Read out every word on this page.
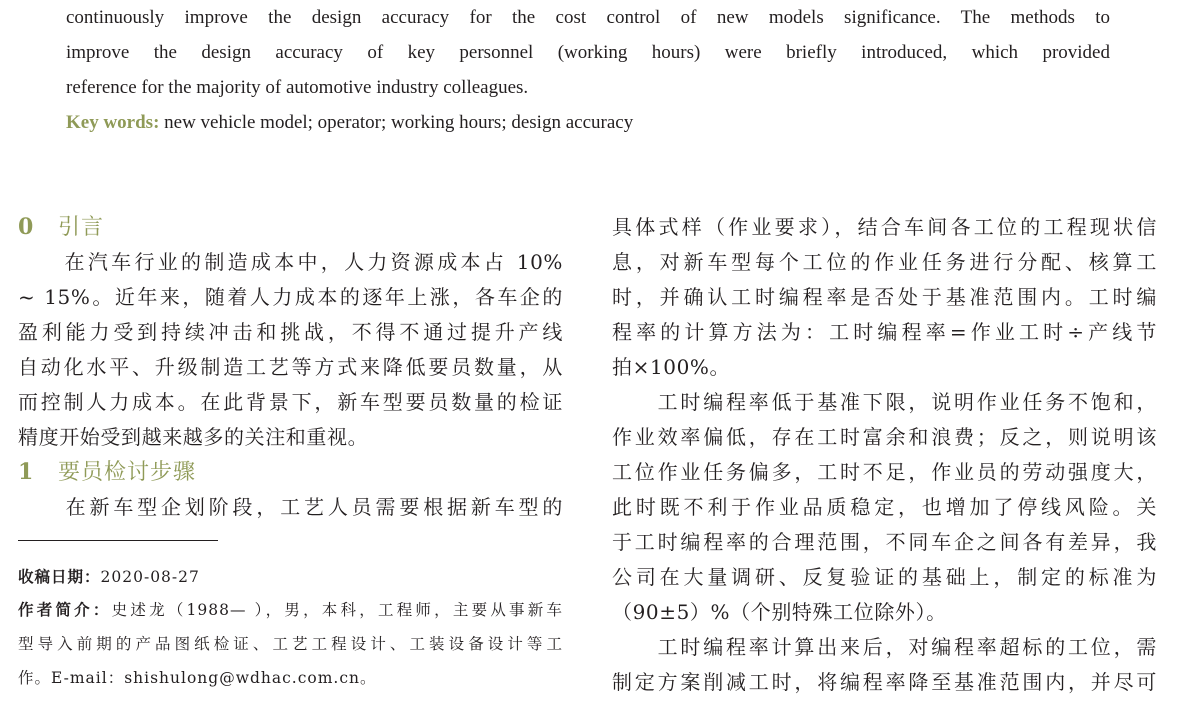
continuously improve the design accuracy for the cost control of new models significance. The methods to
improve the design accuracy of key personnel (working hours) were briefly introduced, which provided
reference for the majority of automotive industry colleagues.
Key words: new vehicle model; operator; working hours; design accuracy
0 引言
　　在汽车行业的制造成本中，人力资源成本占 10%
~ 15%。近年来，随着人力成本的逐年上涨，各车企的
盈利能力受到持续冲击和挑战，不得不通过提升产线
自动化水平、升级制造工艺等方式来降低要员数量，从
而控制人力成本。在此背景下，新车型要员数量的检证
精度开始受到越来越多的关注和重视。
1 要员检讨步骤
　　在新车型企划阶段，工艺人员需要根据新车型的
收稿日期：2020-08-27
作者简介：史述龙（1988— ），男，本科，工程师，主要从事新车
型导入前期的产品图纸检证、工艺工程设计、工装设备设计等工
作。E-mail：shishulong@wdhac.com.cn。
具体式样（作业要求），结合车间各工位的工程现状信
息，对新车型每个工位的作业任务进行分配、核算工
时，并确认工时编程率是否处于基准范围内。工时编
程率的计算方法为：工时编程率=作业工时÷产线节
拍×100%。
　　工时编程率低于基准下限，说明作业任务不饱和，
作业效率偏低，存在工时富余和浪费；反之，则说明该
工位作业任务偏多，工时不足，作业员的劳动强度大，
此时既不利于作业品质稳定，也增加了停线风险。关
于工时编程率的合理范围，不同车企之间各有差异，我
公司在大量调研、反复验证的基础上，制定的标准为
（90±5）%（个别特殊工位除外）。
　　工时编程率计算出来后，对编程率超标的工位，需
制定方案削减工时，将编程率降至基准范围内，并尽可
